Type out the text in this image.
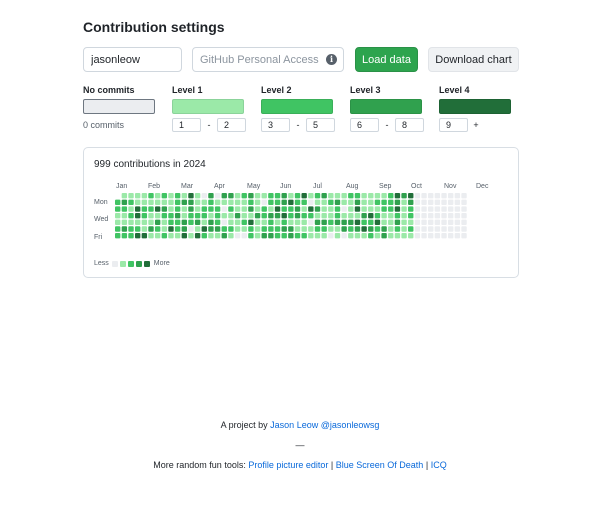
Contribution settings
jasonleow
GitHub Personal Access Token
i	Load data	Download chart
No commits
0 commits
Level 1
1	-	2
Level 2
3	-	5
Level 3
6	-	8
Level 4
9	+
999 contributions in 2024
Jan	Feb	Mar	Apr	May	Jun	Jul	Aug	Sep	Oct	Nov	Dec
Mon
Wed
Fri
Less	More
A project by Jason Leow @jasonleowsg
—
More random fun tools: Profile picture editor | Blue Screen Of Death | ICQ
